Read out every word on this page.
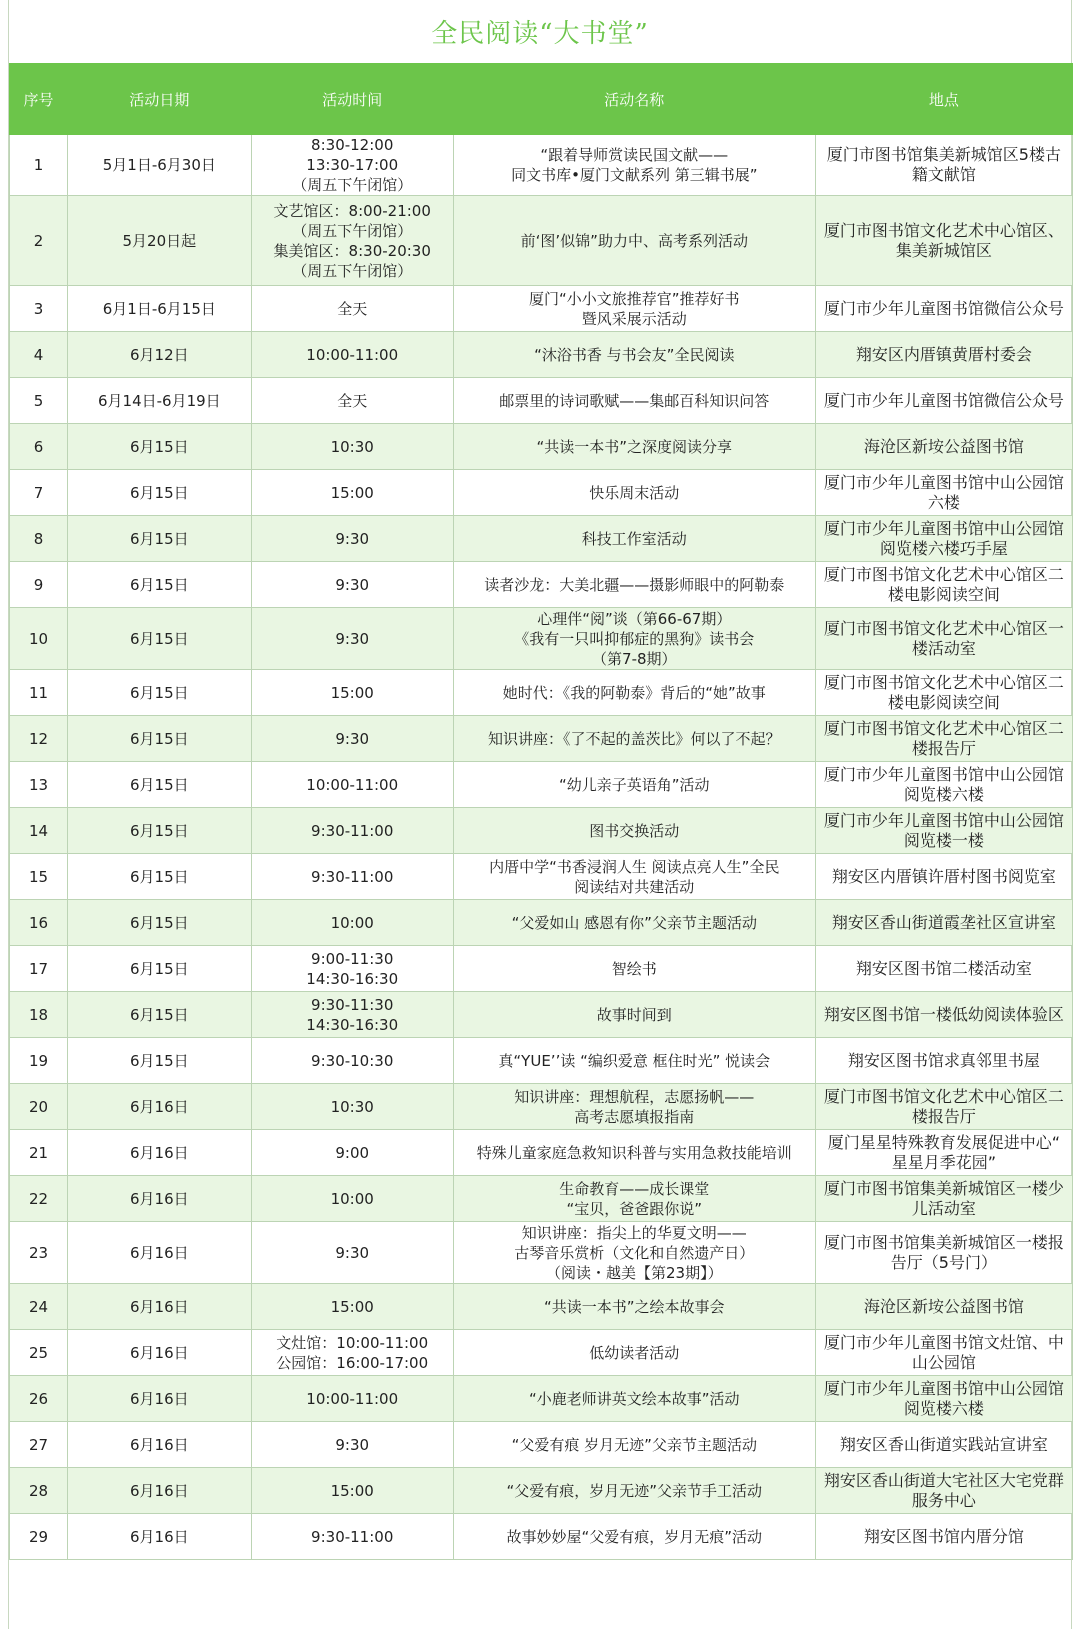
全民阅读“大书堂”
序号	活动日期	活动时间	活动名称	地点
1	5月1日-6月30日	8:30-12:00
13:30-17:00
（周五下午闭馆）	“跟着导师赏读民国文献——
同文书库•厦门文献系列 第三辑书展”	厦门市图书馆集美新城馆区5楼古
籍文献馆
2	5月20日起	文艺馆区：8:00-21:00
（周五下午闭馆）
集美馆区：8:30-20:30
（周五下午闭馆）	前‘图’似锦”助力中、高考系列活动	厦门市图书馆文化艺术中心馆区、
集美新城馆区
3	6月1日-6月15日	全天	厦门“小小文旅推荐官”推荐好书
暨风采展示活动	厦门市少年儿童图书馆微信公众号
4	6月12日	10:00-11:00	“沐浴书香 与书会友”全民阅读	翔安区内厝镇黄厝村委会
5	6月14日-6月19日	全天	邮票里的诗词歌赋——集邮百科知识问答	厦门市少年儿童图书馆微信公众号
6	6月15日	10:30	“共读一本书”之深度阅读分享	海沧区新垵公益图书馆
7	6月15日	15:00	快乐周末活动	厦门市少年儿童图书馆中山公园馆
六楼
8	6月15日	9:30	科技工作室活动	厦门市少年儿童图书馆中山公园馆
阅览楼六楼巧手屋
9	6月15日	9:30	读者沙龙：大美北疆——摄影师眼中的阿勒泰	厦门市图书馆文化艺术中心馆区二
楼电影阅读空间
10	6月15日	9:30	心理伴“阅”谈（第66-67期）
《我有一只叫抑郁症的黑狗》读书会
（第7-8期）	厦门市图书馆文化艺术中心馆区一
楼活动室
11	6月15日	15:00	她时代：《我的阿勒泰》背后的“她”故事	厦门市图书馆文化艺术中心馆区二
楼电影阅读空间
12	6月15日	9:30	知识讲座：《了不起的盖茨比》何以了不起？	厦门市图书馆文化艺术中心馆区二
楼报告厅
13	6月15日	10:00-11:00	“幼儿亲子英语角”活动	厦门市少年儿童图书馆中山公园馆
阅览楼六楼
14	6月15日	9:30-11:00	图书交换活动	厦门市少年儿童图书馆中山公园馆
阅览楼一楼
15	6月15日	9:30-11:00	内厝中学“书香浸润人生 阅读点亮人生”全民
阅读结对共建活动	翔安区内厝镇许厝村图书阅览室
16	6月15日	10:00	“父爱如山 感恩有你”父亲节主题活动	翔安区香山街道霞垄社区宣讲室
17	6月15日	9:00-11:30
14:30-16:30	智绘书	翔安区图书馆二楼活动室
18	6月15日	9:30-11:30
14:30-16:30	故事时间到	翔安区图书馆一楼低幼阅读体验区
19	6月15日	9:30-10:30	真“YUE’’读 “编织爱意 框住时光” 悦读会	翔安区图书馆求真邻里书屋
20	6月16日	10:30	知识讲座：理想航程，志愿扬帆——
高考志愿填报指南	厦门市图书馆文化艺术中心馆区二
楼报告厅
21	6月16日	9:00	特殊儿童家庭急救知识科普与实用急救技能培训	厦门星星特殊教育发展促进中心“
星星月季花园”
22	6月16日	10:00	生命教育——成长课堂
“宝贝，爸爸跟你说”	厦门市图书馆集美新城馆区一楼少
儿活动室
23	6月16日	9:30	知识讲座：指尖上的华夏文明——
古琴音乐赏析（文化和自然遗产日）
（阅读・越美【第23期】）	厦门市图书馆集美新城馆区一楼报
告厅（5号门）
24	6月16日	15:00	“共读一本书”之绘本故事会	海沧区新垵公益图书馆
25	6月16日	文灶馆：10:00-11:00
公园馆：16:00-17:00	低幼读者活动	厦门市少年儿童图书馆文灶馆、中
山公园馆
26	6月16日	10:00-11:00	“小鹿老师讲英文绘本故事”活动	厦门市少年儿童图书馆中山公园馆
阅览楼六楼
27	6月16日	9:30	“父爱有痕 岁月无迹”父亲节主题活动	翔安区香山街道实践站宣讲室
28	6月16日	15:00	“父爱有痕，岁月无迹”父亲节手工活动	翔安区香山街道大宅社区大宅党群
服务中心
29	6月16日	9:30-11:00	故事妙妙屋“父爱有痕，岁月无痕”活动	翔安区图书馆内厝分馆
